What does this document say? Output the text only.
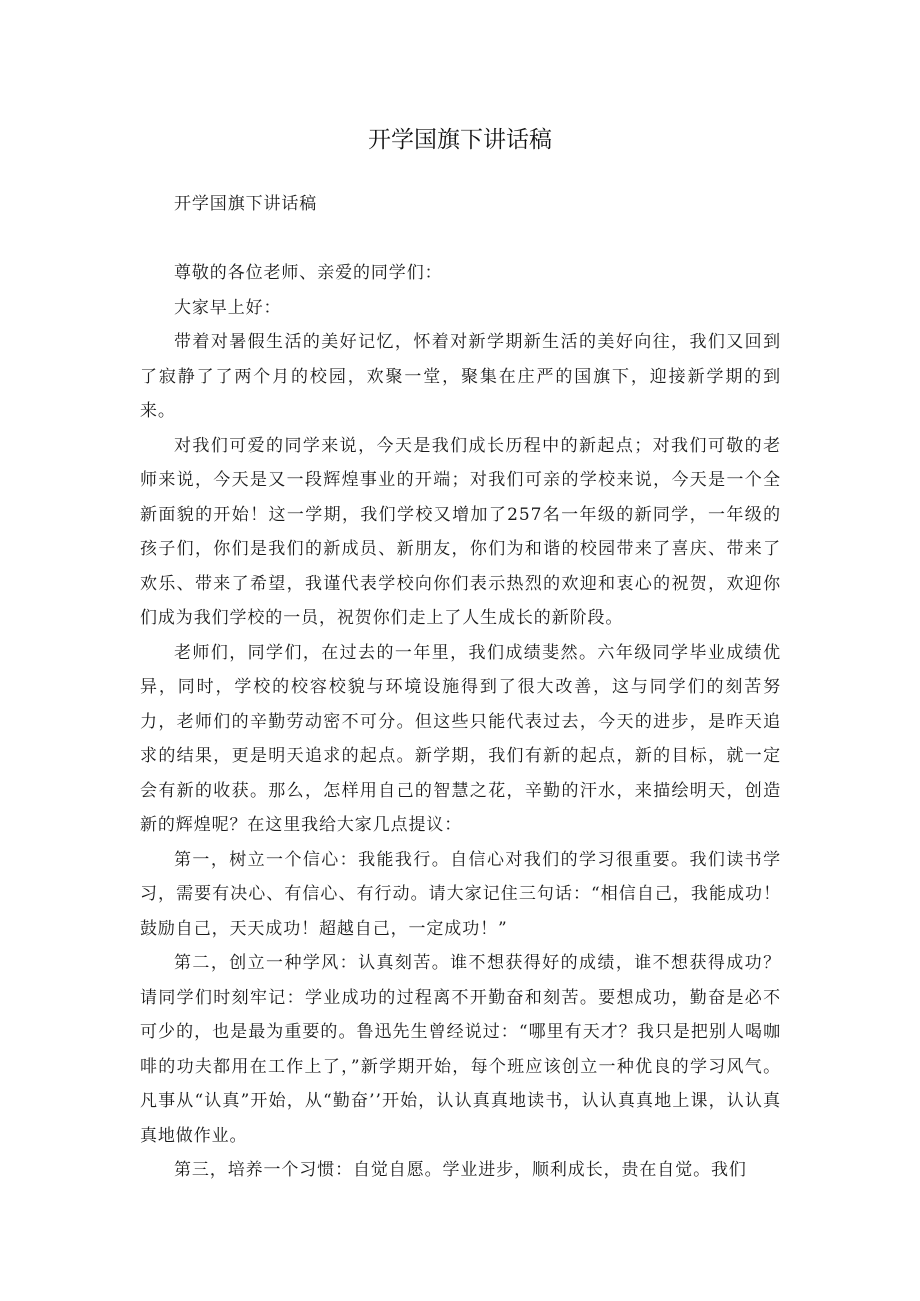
开学国旗下讲话稿

开学国旗下讲话稿

尊敬的各位老师、亲爱的同学们：

大家早上好：

带着对暑假生活的美好记忆，怀着对新学期新生活的美好向往，我们又回到了寂静了了两个月的校园，欢聚一堂，聚集在庄严的国旗下，迎接新学期的到来。

对我们可爱的同学来说，今天是我们成长历程中的新起点；对我们可敬的老师来说，今天是又一段辉煌事业的开端；对我们可亲的学校来说，今天是一个全新面貌的开始！这一学期，我们学校又增加了257名一年级的新同学，一年级的孩子们，你们是我们的新成员、新朋友，你们为和谐的校园带来了喜庆、带来了欢乐、带来了希望，我谨代表学校向你们表示热烈的欢迎和衷心的祝贺，欢迎你们成为我们学校的一员，祝贺你们走上了人生成长的新阶段。

老师们，同学们，在过去的一年里，我们成绩斐然。六年级同学毕业成绩优异，同时，学校的校容校貌与环境设施得到了很大改善，这与同学们的刻苦努力，老师们的辛勤劳动密不可分。但这些只能代表过去，今天的进步，是昨天追求的结果，更是明天追求的起点。新学期，我们有新的起点，新的目标，就一定会有新的收获。那么，怎样用自己的智慧之花，辛勤的汗水，来描绘明天，创造新的辉煌呢？在这里我给大家几点提议：

第一，树立一个信心：我能我行。自信心对我们的学习很重要。我们读书学习，需要有决心、有信心、有行动。请大家记住三句话：“相信自己，我能成功！鼓励自己，天天成功！超越自己，一定成功！”

第二，创立一种学风：认真刻苦。谁不想获得好的成绩，谁不想获得成功？请同学们时刻牢记：学业成功的过程离不开勤奋和刻苦。要想成功，勤奋是必不可少的，也是最为重要的。鲁迅先生曾经说过：“哪里有天才？我只是把别人喝咖啡的功夫都用在工作上了，”新学期开始，每个班应该创立一种优良的学习风气。凡事从“认真”开始，从“勤奋’’开始，认认真真地读书，认认真真地上课，认认真真地做作业。

第三，培养一个习惯：自觉自愿。学业进步，顺利成长，贵在自觉。我们
